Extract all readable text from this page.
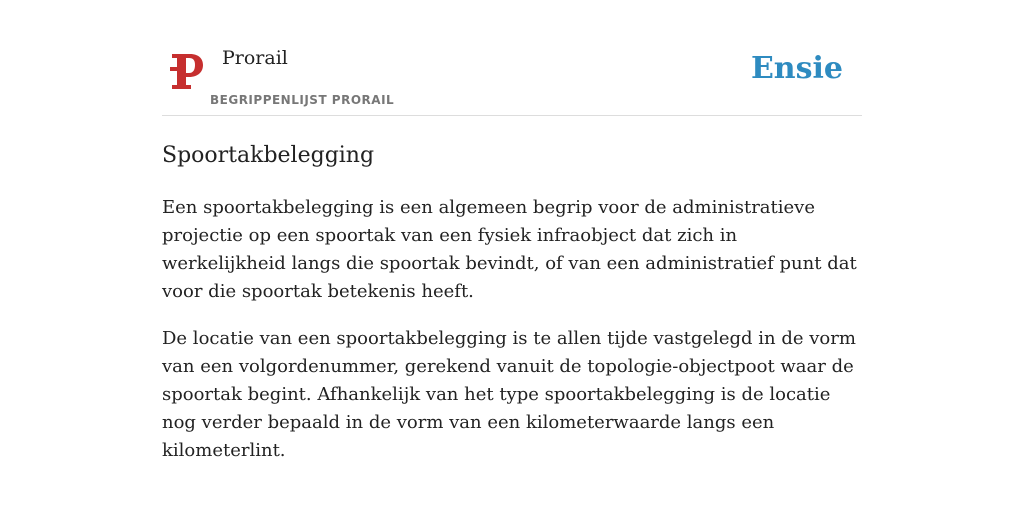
Prorail
BEGRIPPENLIJST PRORAIL
Ensie
Spoortakbelegging

Een spoortakbelegging is een algemeen begrip voor de administratieve projectie op een spoortak van een fysiek infraobject dat zich in werkelijkheid langs die spoortak bevindt, of van een administratief punt dat voor die spoortak betekenis heeft.

De locatie van een spoortakbelegging is te allen tijde vastgelegd in de vorm van een volgordenummer, gerekend vanuit de topologie-objectpoot waar de spoortak begint. Afhankelijk van het type spoortakbelegging is de locatie nog verder bepaald in de vorm van een kilometerwaarde langs een kilometerlint.
